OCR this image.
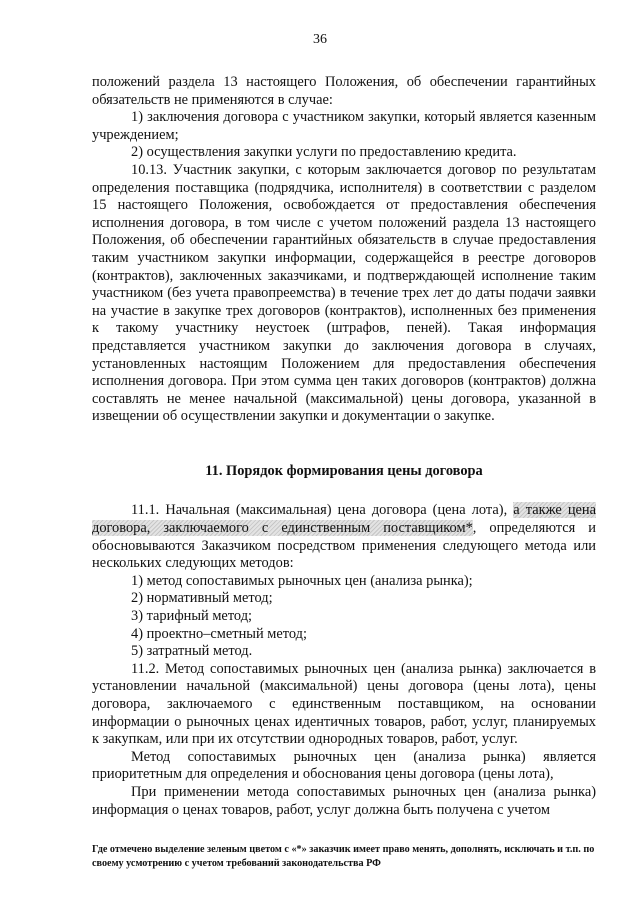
36

положений раздела 13 настоящего Положения, об обеспечении гарантийных обязательств не применяются в случае:

1) заключения договора с участником закупки, который является казенным учреждением;

2) осуществления закупки услуги по предоставлению кредита.

10.13. Участник закупки, с которым заключается договор по результатам определения поставщика (подрядчика, исполнителя) в соответствии с разделом 15 настоящего Положения, освобождается от предоставления обеспечения исполнения договора, в том числе с учетом положений раздела 13 настоящего Положения, об обеспечении гарантийных обязательств в случае предоставления таким участником закупки информации, содержащейся в реестре договоров (контрактов), заключенных заказчиками, и подтверждающей исполнение таким участником (без учета правопреемства) в течение трех лет до даты подачи заявки на участие в закупке трех договоров (контрактов), исполненных без применения к такому участнику неустоек (штрафов, пеней). Такая информация представляется участником закупки до заключения договора в случаях, установленных настоящим Положением для предоставления обеспечения исполнения договора. При этом сумма цен таких договоров (контрактов) должна составлять не менее начальной (максимальной) цены договора, указанной в извещении об осуществлении закупки и документации о закупке.

11. Порядок формирования цены договора

11.1. Начальная (максимальная) цена договора (цена лота), а также цена договора, заключаемого с единственным поставщиком*, определяются и обосновываются Заказчиком посредством применения следующего метода или нескольких следующих методов:

1) метод сопоставимых рыночных цен (анализа рынка);

2) нормативный метод;

3) тарифный метод;

4) проектно–сметный метод;

5) затратный метод.

11.2. Метод сопоставимых рыночных цен (анализа рынка) заключается в установлении начальной (максимальной) цены договора (цены лота), цены договора, заключаемого с единственным поставщиком, на основании информации о рыночных ценах идентичных товаров, работ, услуг, планируемых к закупкам, или при их отсутствии однородных товаров, работ, услуг.

Метод сопоставимых рыночных цен (анализа рынка) является приоритетным для определения и обоснования цены договора (цены лота),

При применении метода сопоставимых рыночных цен (анализа рынка) информация о ценах товаров, работ, услуг должна быть получена с учетом

Где отмечено выделение зеленым цветом с «*» заказчик имеет право менять, дополнять, исключать и т.п. по своему усмотрению с учетом требований законодательства РФ
